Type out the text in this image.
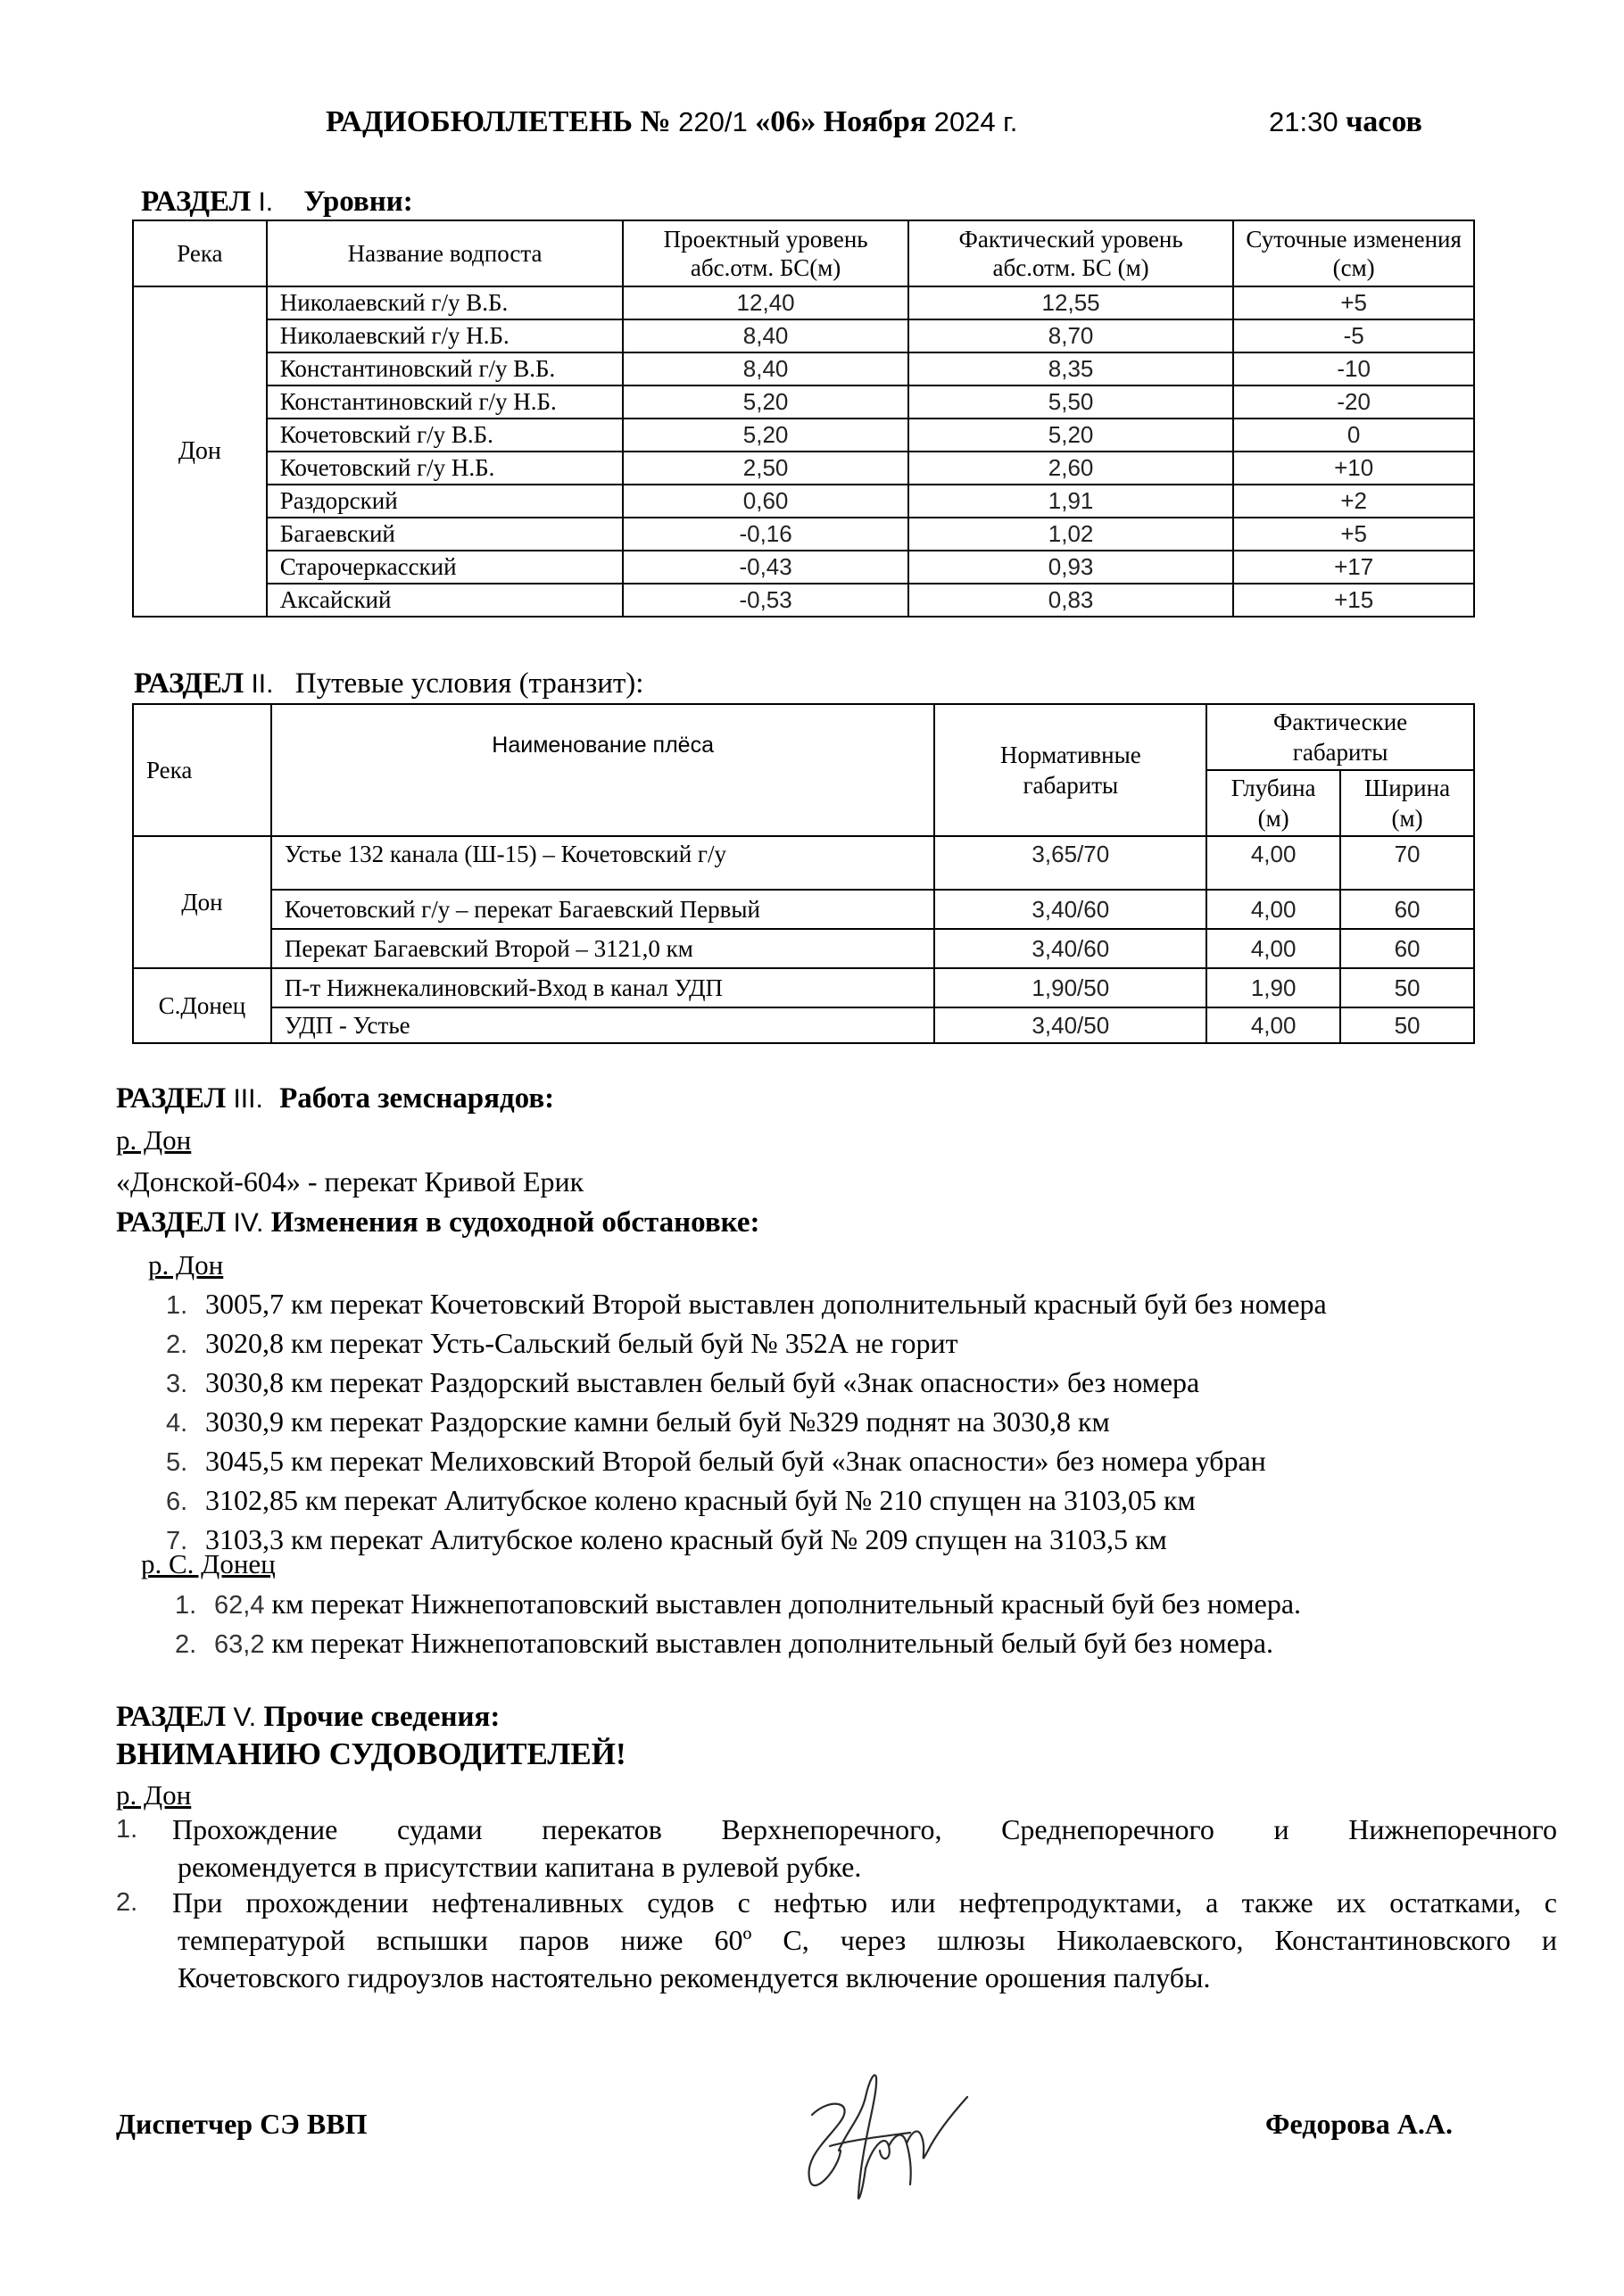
РАДИОБЮЛЛЕТЕНЬ № 220/1 «06» Ноября 2024 г.	21:30 часов
РАЗДЕЛ I. Уровни:
Река	Название водпоста	Проектный уровень абс.отм. БС(м)	Фактический уровень абс.отм. БС (м)	Суточные изменения (см)
Дон	Николаевский г/у В.Б.	12,40	12,55	+5
	Николаевский г/у Н.Б.	8,40	8,70	-5
	Константиновский г/у В.Б.	8,40	8,35	-10
	Константиновский г/у Н.Б.	5,20	5,50	-20
	Кочетовский г/у В.Б.	5,20	5,20	0
	Кочетовский г/у Н.Б.	2,50	2,60	+10
	Раздорский	0,60	1,91	+2
	Багаевский	-0,16	1,02	+5
	Старочеркасский	-0,43	0,93	+17
	Аксайский	-0,53	0,83	+15
РАЗДЕЛ II. Путевые условия (транзит):
Река	Наименование плёса	Нормативные габариты	Фактические габариты	
			Глубина (м)	Ширина (м)
Дон	Устье 132 канала (Ш-15) – Кочетовский г/у	3,65/70	4,00	70
	Кочетовский г/у – перекат Багаевский Первый	3,40/60	4,00	60
	Перекат Багаевский Второй – 3121,0 км	3,40/60	4,00	60
С.Донец	П-т Нижнекалиновский-Вход в канал УДП	1,90/50	1,90	50
	УДП - Устье	3,40/50	4,00	50
РАЗДЕЛ III. Работа земснарядов:
р. Дон
«Донской-604» - перекат Кривой Ерик
РАЗДЕЛ IV. Изменения в судоходной обстановке:
р. Дон
1. 3005,7 км перекат Кочетовский Второй выставлен дополнительный красный буй без номера
2. 3020,8 км перекат Усть-Сальский белый буй № 352А не горит
3. 3030,8 км перекат Раздорский выставлен белый буй «Знак опасности» без номера
4. 3030,9 км перекат Раздорские камни белый буй №329 поднят на 3030,8 км
5. 3045,5 км перекат Мелиховский Второй белый буй «Знак опасности» без номера убран
6. 3102,85 км перекат Алитубское колено красный буй № 210 спущен на 3103,05 км
7. 3103,3 км перекат Алитубское колено красный буй № 209 спущен на 3103,5 км
р. С. Донец
1. 62,4 км перекат Нижнепотаповский выставлен дополнительный красный буй без номера.
2. 63,2 км перекат Нижнепотаповский выставлен дополнительный белый буй без номера.
РАЗДЕЛ V. Прочие сведения:
ВНИМАНИЮ СУДОВОДИТЕЛЕЙ!
р. Дон
1. Прохождение судами перекатов Верхнепоречного, Среднепоречного и Нижнепоречного
рекомендуется в присутствии капитана в рулевой рубке.
2. При прохождении нефтеналивных судов с нефтью или нефтепродуктами, а также их остатками, с
температурой вспышки паров ниже 60º С, через шлюзы Николаевского, Константиновского и
Кочетовского гидроузлов настоятельно рекомендуется включение орошения палубы.
Диспетчер СЭ ВВП	Федорова А.А.
